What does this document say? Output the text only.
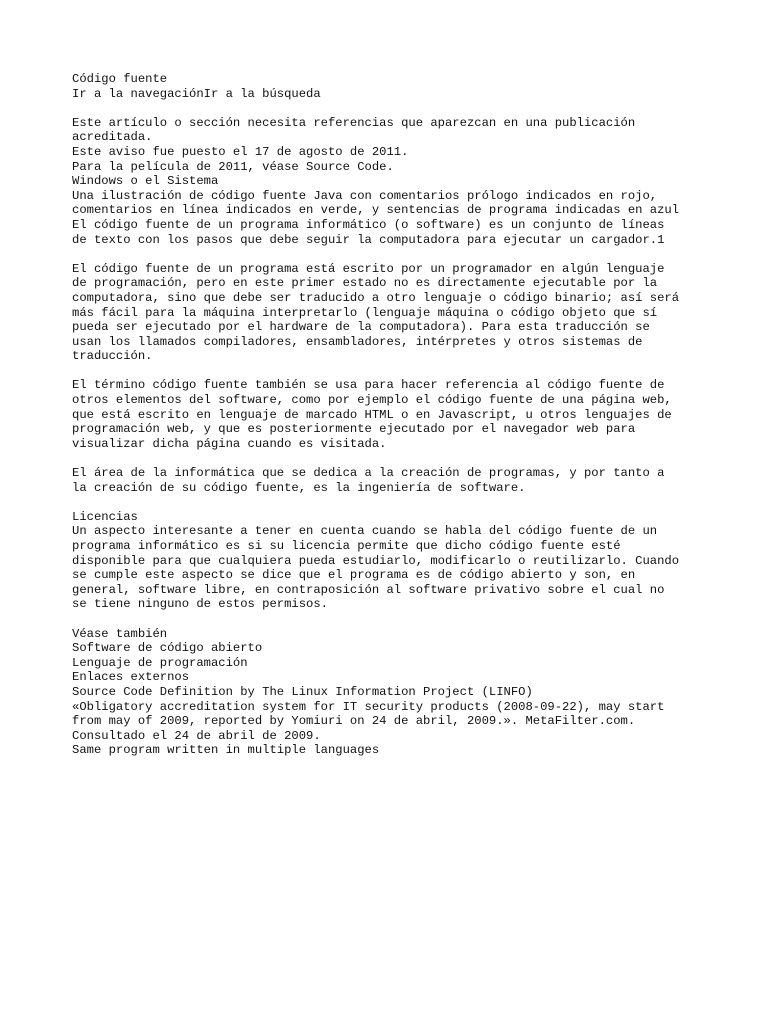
Código fuente
Ir a la navegaciónIr a la búsqueda
Este artículo o sección necesita referencias que aparezcan en una publicación
acreditada.
Este aviso fue puesto el 17 de agosto de 2011.
Para la película de 2011, véase Source Code.
Windows o el Sistema
Una ilustración de código fuente Java con comentarios prólogo indicados en rojo,
comentarios en línea indicados en verde, y sentencias de programa indicadas en azul
El código fuente de un programa informático (o software) es un conjunto de líneas
de texto con los pasos que debe seguir la computadora para ejecutar un cargador.1
El código fuente de un programa está escrito por un programador en algún lenguaje
de programación, pero en este primer estado no es directamente ejecutable por la
computadora, sino que debe ser traducido a otro lenguaje o código binario; así será
más fácil para la máquina interpretarlo (lenguaje máquina o código objeto que sí
pueda ser ejecutado por el hardware de la computadora). Para esta traducción se
usan los llamados compiladores, ensambladores, intérpretes y otros sistemas de
traducción.
El término código fuente también se usa para hacer referencia al código fuente de
otros elementos del software, como por ejemplo el código fuente de una página web,
que está escrito en lenguaje de marcado HTML o en Javascript, u otros lenguajes de
programación web, y que es posteriormente ejecutado por el navegador web para
visualizar dicha página cuando es visitada.
El área de la informática que se dedica a la creación de programas, y por tanto a
la creación de su código fuente, es la ingeniería de software.
Licencias
Un aspecto interesante a tener en cuenta cuando se habla del código fuente de un
programa informático es si su licencia permite que dicho código fuente esté
disponible para que cualquiera pueda estudiarlo, modificarlo o reutilizarlo. Cuando
se cumple este aspecto se dice que el programa es de código abierto y son, en
general, software libre, en contraposición al software privativo sobre el cual no
se tiene ninguno de estos permisos.
Véase también
Software de código abierto
Lenguaje de programación
Enlaces externos
Source Code Definition by The Linux Information Project (LINFO)
«Obligatory accreditation system for IT security products (2008-09-22), may start
from may of 2009, reported by Yomiuri on 24 de abril, 2009.». MetaFilter.com.
Consultado el 24 de abril de 2009.
Same program written in multiple languages
